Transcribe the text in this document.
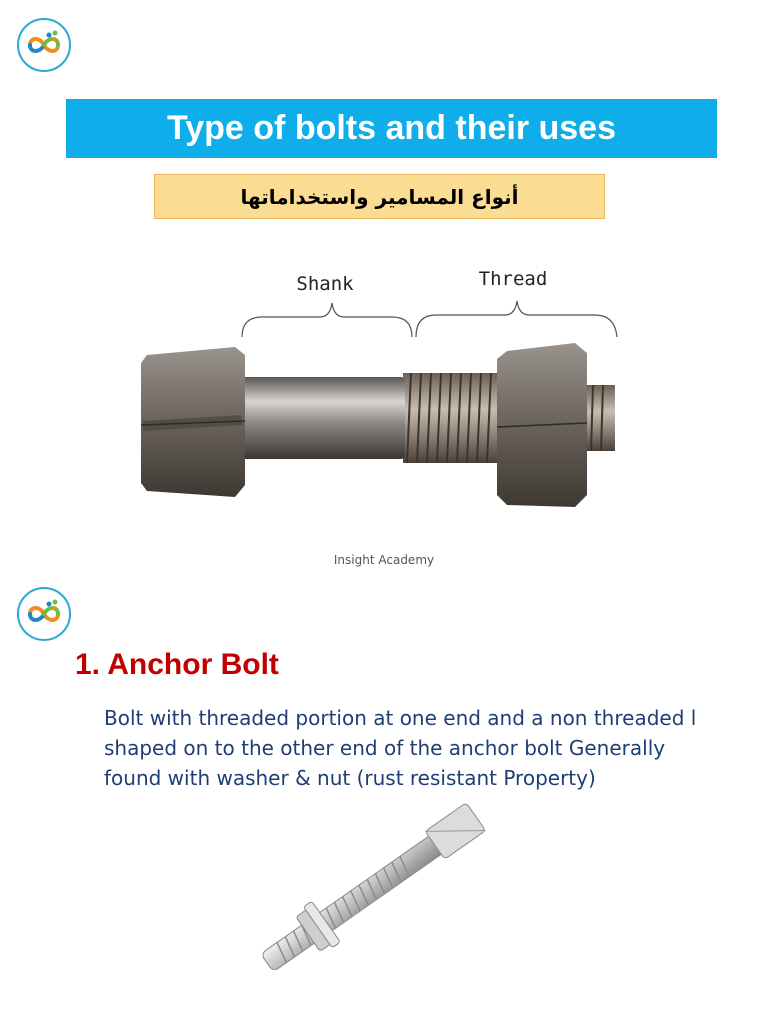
Type of bolts and their uses
أنواع المسامير واستخداماتها
Shank	Thread
Insight Academy
1. Anchor Bolt
Bolt with threaded portion at one end and a non threaded l shaped on to the other end of the anchor bolt Generally found with washer & nut (rust resistant Property)
